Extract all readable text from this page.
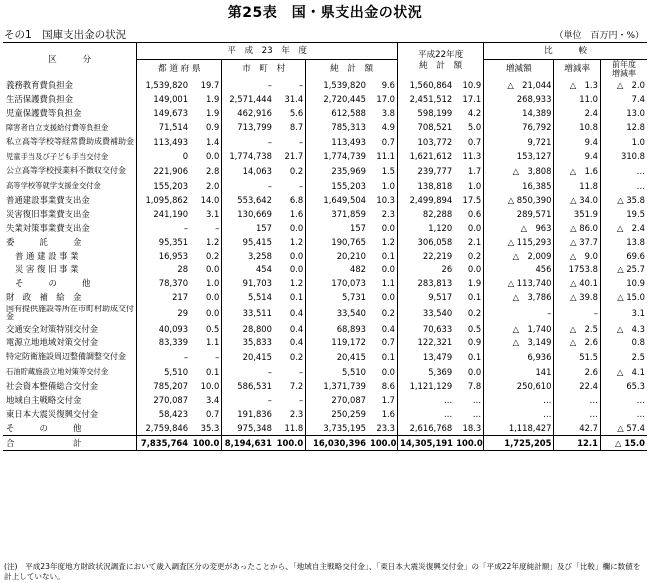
第25表　国・県支出金の状況
その1　国庫支出金の状況	（単位　百万円・%）
区　　　分	平　成　23　年　度						平成22年度
純　計　額		比　　　較		
	都 道 府 県		市　町　村		純　計　額				増減額	増減率	前年度
増減率

義務教育費負担金	1,539,820	19.7	–	–	1,539,820	9.6	1,560,864	10.9	△　21,044	△　1.3	△　2.0
生活保護費負担金	149,001	1.9	2,571,444	31.4	2,720,445	17.0	2,451,512	17.1	268,933	11.0	7.4
児童保護費等負担金	149,673	1.9	462,916	5.6	612,588	3.8	598,199	4.2	14,389	2.4	13.0
障害者自立支援給付費等負担金	71,514	0.9	713,799	8.7	785,313	4.9	708,521	5.0	76,792	10.8	12.8
私立高等学校等経常費助成費補助金	113,493	1.4	–	–	113,493	0.7	103,772	0.7	9,721	9.4	1.0
児童手当及び子ども手当交付金	0	0.0	1,774,738	21.7	1,774,739	11.1	1,621,612	11.3	153,127	9.4	310.8
公立高等学校授業料不徴収交付金	221,906	2.8	14,063	0.2	235,969	1.5	239,777	1.7	△　3,808	△　1.6	…
高等学校等就学支援金交付金	155,203	2.0	–	–	155,203	1.0	138,818	1.0	16,385	11.8	…
普通建設事業費支出金	1,095,862	14.0	553,642	6.8	1,649,504	10.3	2,499,894	17.5	△ 850,390	△ 34.0	△ 35.8
災害復旧事業費支出金	241,190	3.1	130,669	1.6	371,859	2.3	82,288	0.6	289,571	351.9	19.5
失業対策事業費支出金	–	–	157	0.0	157	0.0	1,120	0.0	△　963	△ 86.0	△　2.4
委　　　託　　　金	95,351	1.2	95,415	1.2	190,765	1.2	306,058	2.1	△ 115,293	△ 37.7	13.8
普 通 建 設 事 業	16,953	0.2	3,258	0.0	20,210	0.1	22,219	0.2	△　2,009	△　9.0	69.6
災 害 復 旧 事 業	28	0.0	454	0.0	482	0.0	26	0.0	456	1753.8	△ 25.7
そ　　　の　　　他	78,370	1.0	91,703	1.2	170,073	1.1	283,813	1.9	△ 113,740	△ 40.1	10.9
財　政　補　給　金	217	0.0	5,514	0.1	5,731	0.0	9,517	0.1	△　3,786	△ 39.8	△ 15.0
国有提供施設等所在市町村助成交付金	29	0.0	33,511	0.4	33,540	0.2	33,540	0.2	–	–	3.1
交通安全対策特別交付金	40,093	0.5	28,800	0.4	68,893	0.4	70,633	0.5	△　1,740	△　2.5	△　4.3
電源立地地域対策交付金	83,339	1.1	35,833	0.4	119,172	0.7	122,321	0.9	△　3,149	△　2.6	0.8
特定防衛施設周辺整備調整交付金	–	–	20,415	0.2	20,415	0.1	13,479	0.1	6,936	51.5	2.5
石油貯蔵施設立地対策等交付金	5,510	0.1	–	–	5,510	0.0	5,369	0.0	141	2.6	△　4.1
社会資本整備総合交付金	785,207	10.0	586,531	7.2	1,371,739	8.6	1,121,129	7.8	250,610	22.4	65.3
地域自主戦略交付金	270,087	3.4	–	–	270,087	1.7	…	…	…	…	…
東日本大震災復興交付金	58,423	0.7	191,836	2.3	250,259	1.6	…	…	…	…	…
そ　　　の　　　他	2,759,846	35.3	975,348	11.8	3,735,195	23.3	2,616,768	18.3	1,118,427	42.7	△ 57.4
合　　　　　　　計	7,835,764	100.0	8,194,631	100.0	16,030,396	100.0	14,305,191	100.0	1,725,205	12.1	△ 15.0
(注)　平成23年度地方財政状況調査において歳入調査区分の変更があったことから、「地域自主戦略交付金」、「東日本大震災復興交付金」の「平成22年度純計額」及び「比較」欄に数値を計上していない。
